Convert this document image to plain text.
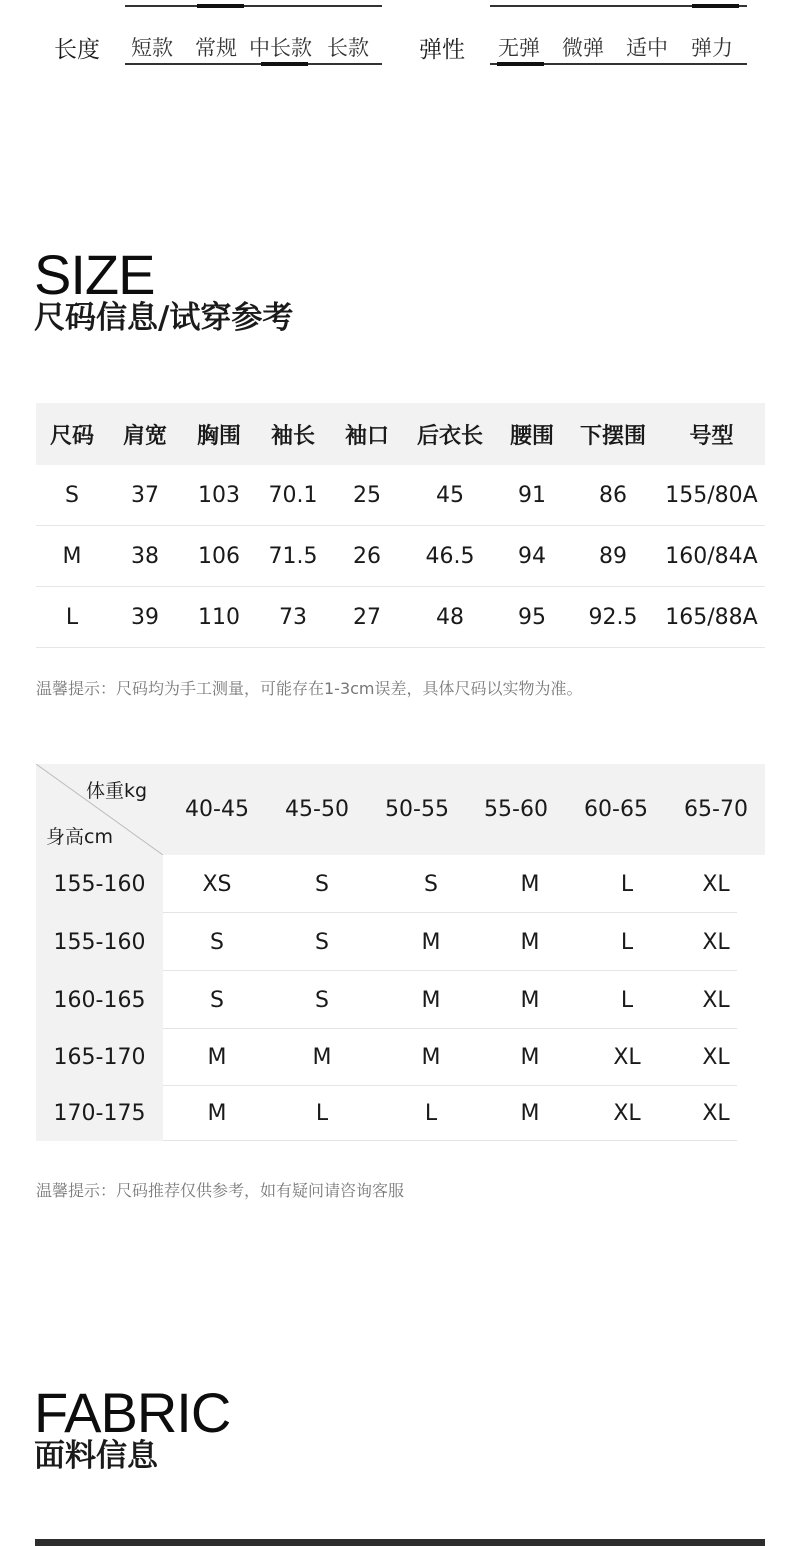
长度 短款 常规 中长款 长款 弹性 无弹 微弹 适中 弹力
SIZE
尺码信息/试穿参考
尺码	肩宽	胸围	袖长	袖口	后衣长	腰围	下摆围	号型
S	37	103	70.1	25	45	91	86	155/80A
M	38	106	71.5	26	46.5	94	89	160/84A
L	39	110	73	27	48	95	92.5	165/88A
温馨提示：尺码均为手工测量，可能存在1-3cm误差，具体尺码以实物为准。
体重kg
身高cm
40-45	45-50	50-55	55-60	60-65	65-70
155-160	XS	S	S	M	L	XL
155-160	S	S	M	M	L	XL
160-165	S	S	M	M	L	XL
165-170	M	M	M	M	XL	XL
170-175	M	L	L	M	XL	XL
温馨提示：尺码推荐仅供参考，如有疑问请咨询客服
FABRIC
面料信息
